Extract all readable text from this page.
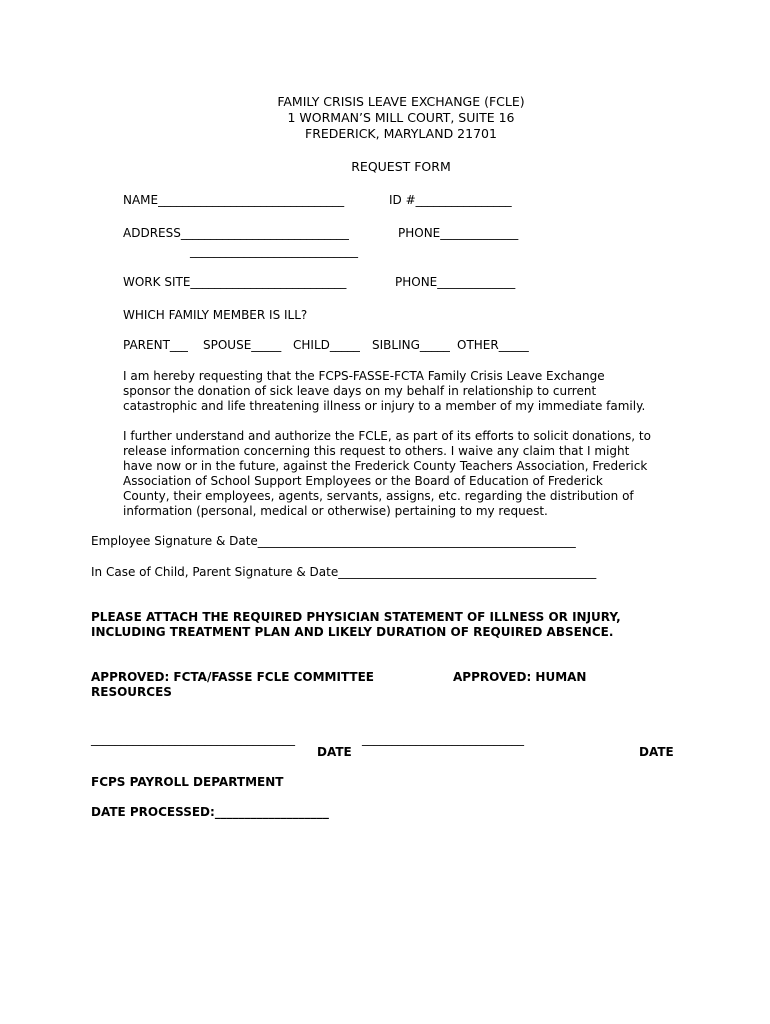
FAMILY CRISIS LEAVE EXCHANGE (FCLE)
1 WORMAN’S MILL COURT, SUITE 16
FREDERICK, MARYLAND 21701
REQUEST FORM
NAME_______________________________	ID #________________
ADDRESS____________________________	PHONE_____________
____________________________
WORK SITE__________________________	PHONE_____________
WHICH FAMILY MEMBER IS ILL?
PARENT___ SPOUSE_____ CHILD_____ SIBLING_____ OTHER_____
I am hereby requesting that the FCPS-FASSE-FCTA Family Crisis Leave Exchange
sponsor the donation of sick leave days on my behalf in relationship to current
catastrophic and life threatening illness or injury to a member of my immediate family.
I further understand and authorize the FCLE, as part of its efforts to solicit donations, to
release information concerning this request to others. I waive any claim that I might
have now or in the future, against the Frederick County Teachers Association, Frederick
Association of School Support Employees or the Board of Education of Frederick
County, their employees, agents, servants, assigns, etc. regarding the distribution of
information (personal, medical or otherwise) pertaining to my request.
Employee Signature & Date_____________________________________________________
In Case of Child, Parent Signature & Date___________________________________________
PLEASE ATTACH THE REQUIRED PHYSICIAN STATEMENT OF ILLNESS OR INJURY,
INCLUDING TREATMENT PLAN AND LIKELY DURATION OF REQUIRED ABSENCE.
APPROVED: FCTA/FASSE FCLE COMMITTEE	APPROVED: HUMAN
RESOURCES
__________________________________	___________________________
DATE	DATE
FCPS PAYROLL DEPARTMENT
DATE PROCESSED:___________________
